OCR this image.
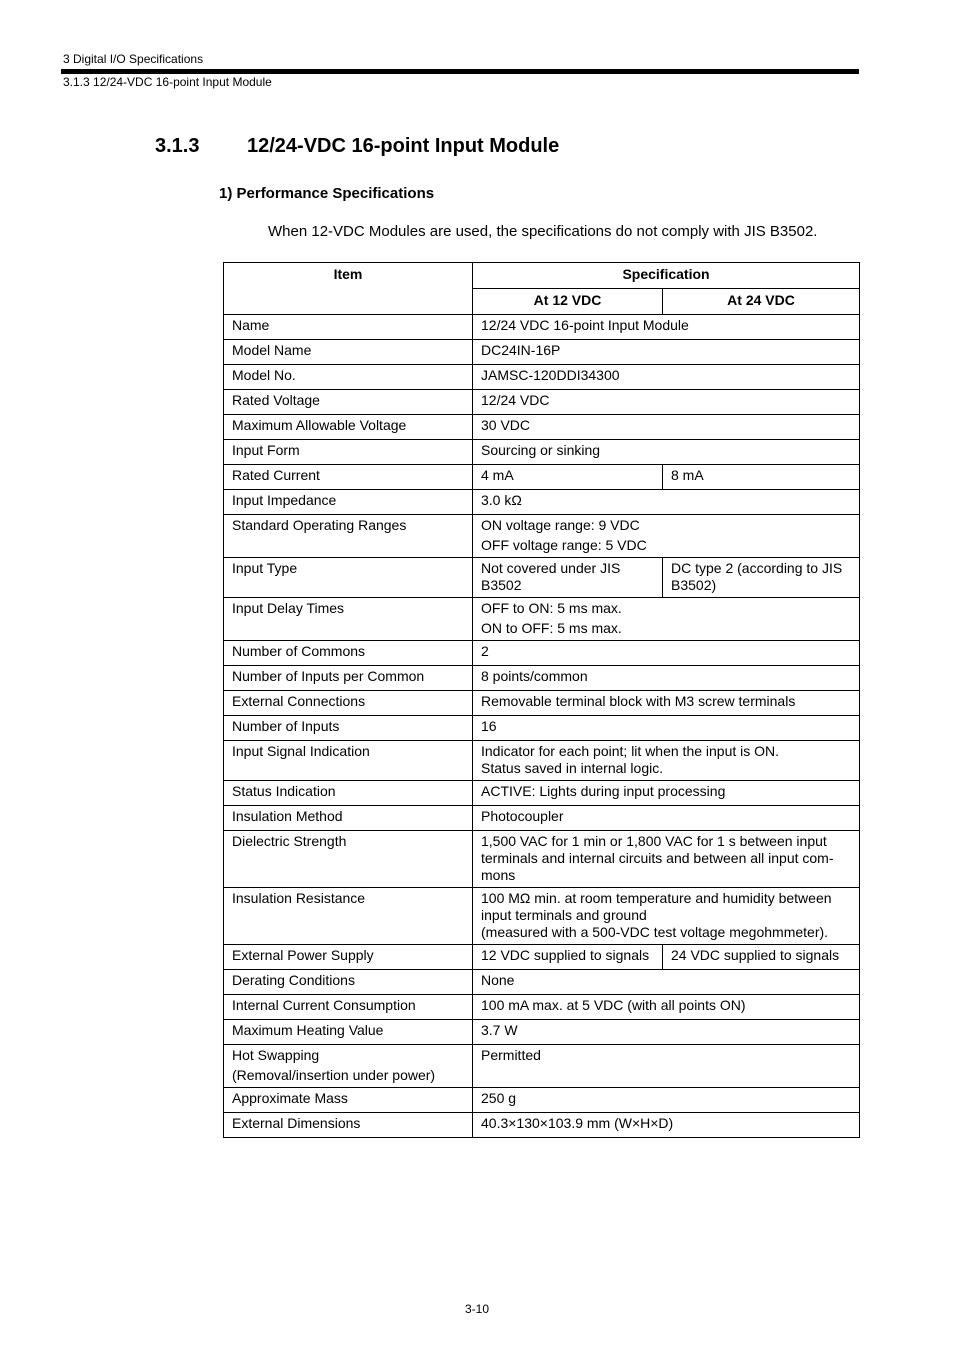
3 Digital I/O Specifications
3.1.3 12/24-VDC 16-point Input Module
3.1.3 12/24-VDC 16-point Input Module
1) Performance Specifications
When 12-VDC Modules are used, the specifications do not comply with JIS B3502.
Item	Specification	
	At 12 VDC	At 24 VDC

Name	12/24 VDC 16-point Input Module	

Model Name	DC24IN-16P	

Model No.	JAMSC-120DDI34300	

Rated Voltage	12/24 VDC	

Maximum Allowable Voltage	30 VDC	

Input Form	Sourcing or sinking	

Rated Current	4 mA	8 mA

Input Impedance	3.0 kΩ	

Standard Operating Ranges	ON voltage range: 9 VDC
OFF voltage range: 5 VDC	

Input Type	Not covered under JIS B3502	DC type 2 (according to JIS B3502)

Input Delay Times	OFF to ON: 5 ms max.
ON to OFF: 5 ms max.	

Number of Commons	2	

Number of Inputs per Common	8 points/common	

External Connections	Removable terminal block with M3 screw terminals	

Number of Inputs	16	

Input Signal Indication	Indicator for each point; lit when the input is ON.
Status saved in internal logic.	

Status Indication	ACTIVE: Lights during input processing	

Insulation Method	Photocoupler	

Dielectric Strength	1,500 VAC for 1 min or 1,800 VAC for 1 s between input terminals and internal circuits and between all input com-mons	

Insulation Resistance	100 MΩ min. at room temperature and humidity between input terminals and ground
(measured with a 500-VDC test voltage megohmmeter).	

External Power Supply	12 VDC supplied to signals	24 VDC supplied to signals

Derating Conditions	None	

Internal Current Consumption	100 mA max. at 5 VDC (with all points ON)	

Maximum Heating Value	3.7 W	

Hot Swapping
(Removal/insertion under power)	Permitted	

Approximate Mass	250 g	

External Dimensions	40.3×130×103.9 mm (W×H×D)	
3-10
